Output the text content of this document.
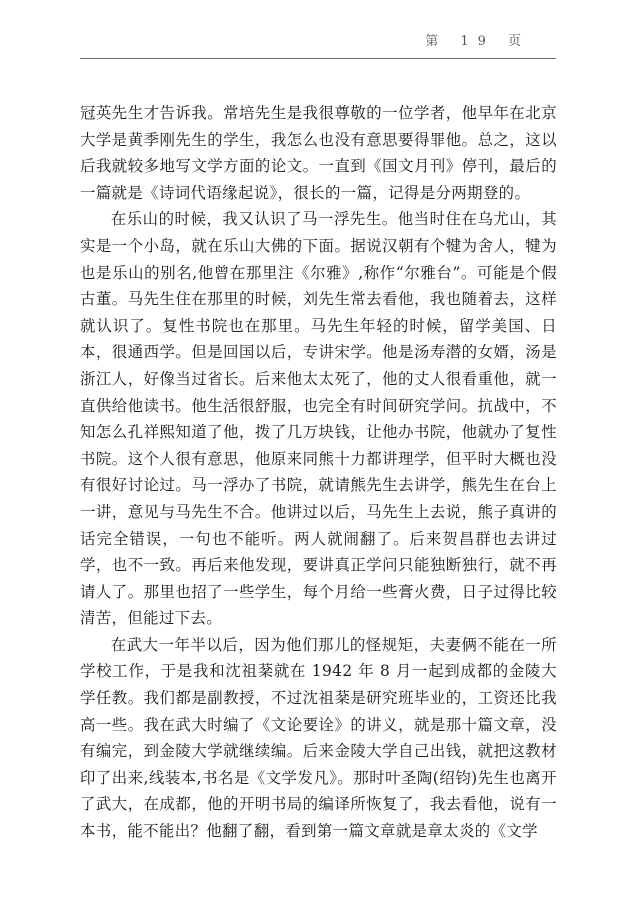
第 19 页

冠英先生才告诉我。常培先生是我很尊敬的一位学者，他早年在北京大学是黄季刚先生的学生，我怎么也没有意思要得罪他。总之，这以后我就较多地写文学方面的论文。一直到《国文月刊》停刊，最后的一篇就是《诗词代语缘起说》，很长的一篇，记得是分两期登的。

在乐山的时候，我又认识了马一浮先生。他当时住在乌尤山，其实是一个小岛，就在乐山大佛的下面。据说汉朝有个犍为舍人，犍为也是乐山的别名,他曾在那里注《尔雅》,称作“尔雅台”。可能是个假古董。马先生住在那里的时候，刘先生常去看他，我也随着去，这样就认识了。复性书院也在那里。马先生年轻的时候，留学美国、日本，很通西学。但是回国以后，专讲宋学。他是汤寿潜的女婿，汤是浙江人，好像当过省长。后来他太太死了，他的丈人很看重他，就一直供给他读书。他生活很舒服，也完全有时间研究学问。抗战中，不知怎么孔祥熙知道了他，拨了几万块钱，让他办书院，他就办了复性书院。这个人很有意思，他原来同熊十力都讲理学，但平时大概也没有很好讨论过。马一浮办了书院，就请熊先生去讲学，熊先生在台上一讲，意见与马先生不合。他讲过以后，马先生上去说，熊子真讲的话完全错误，一句也不能听。两人就闹翻了。后来贺昌群也去讲过学，也不一致。再后来他发现，要讲真正学问只能独断独行，就不再请人了。那里也招了一些学生，每个月给一些膏火费，日子过得比较清苦，但能过下去。

在武大一年半以后，因为他们那儿的怪规矩，夫妻俩不能在一所学校工作，于是我和沈祖棻就在 1942 年 8 月一起到成都的金陵大学任教。我们都是副教授，不过沈祖棻是研究班毕业的，工资还比我高一些。我在武大时编了《文论要诠》的讲义，就是那十篇文章，没有编完，到金陵大学就继续编。后来金陵大学自己出钱，就把这教材印了出来,线装本,书名是《文学发凡》。那时叶圣陶(绍钧)先生也离开了武大，在成都，他的开明书局的编译所恢复了，我去看他，说有一本书，能不能出？他翻了翻，看到第一篇文章就是章太炎的《文学
